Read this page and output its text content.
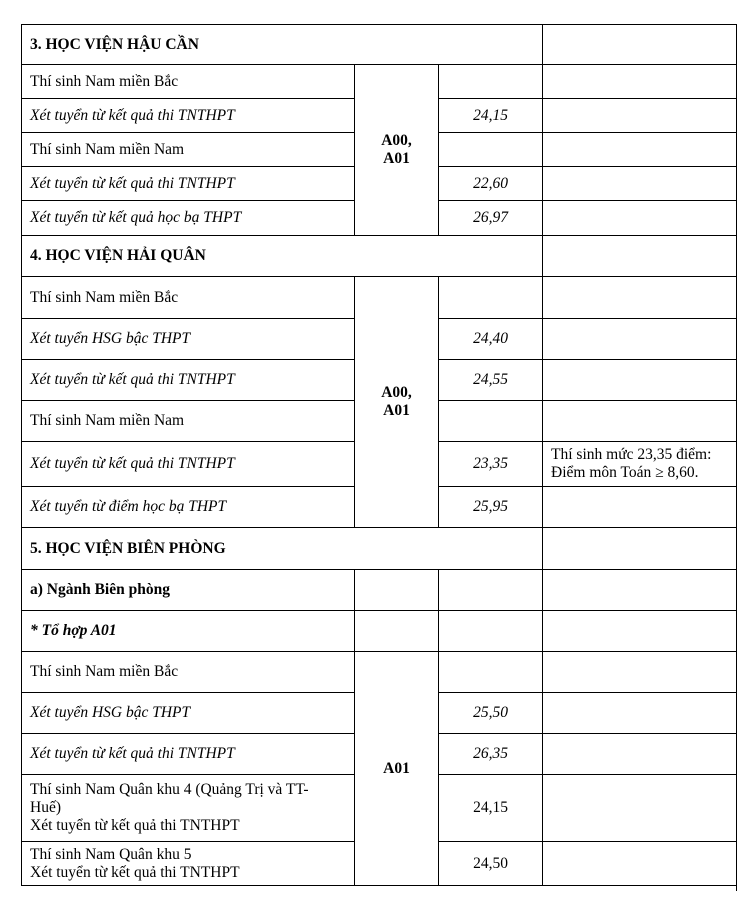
3. HỌC VIỆN HẬU CẦN			
Thí sinh Nam miền Bắc	A00,
A01		
Xét tuyển từ kết quả thi TNTHPT		24,15	
Thí sinh Nam miền Nam			
Xét tuyển từ kết quả thi TNTHPT		22,60	
Xét tuyển từ kết quả học bạ THPT		26,97	
4. HỌC VIỆN HẢI QUÂN			
Thí sinh Nam miền Bắc	A00,
A01		
Xét tuyển HSG bậc THPT		24,40	
Xét tuyển từ kết quả thi TNTHPT		24,55	
Thí sinh Nam miền Nam			
Xét tuyển từ kết quả thi TNTHPT		23,35	Thí sinh mức 23,35 điểm:
Điểm môn Toán ≥ 8,60.
Xét tuyển từ điểm học bạ THPT		25,95	
5. HỌC VIỆN BIÊN PHÒNG			
a) Ngành Biên phòng			
* Tổ hợp A01			
Thí sinh Nam miền Bắc	A01		
Xét tuyển HSG bậc THPT		25,50	
Xét tuyển từ kết quả thi TNTHPT		26,35	
Thí sinh Nam Quân khu 4 (Quảng Trị và TT-
Huế)
Xét tuyển từ kết quả thi TNTHPT		24,15	
Thí sinh Nam Quân khu 5
Xét tuyển từ kết quả thi TNTHPT		24,50	
